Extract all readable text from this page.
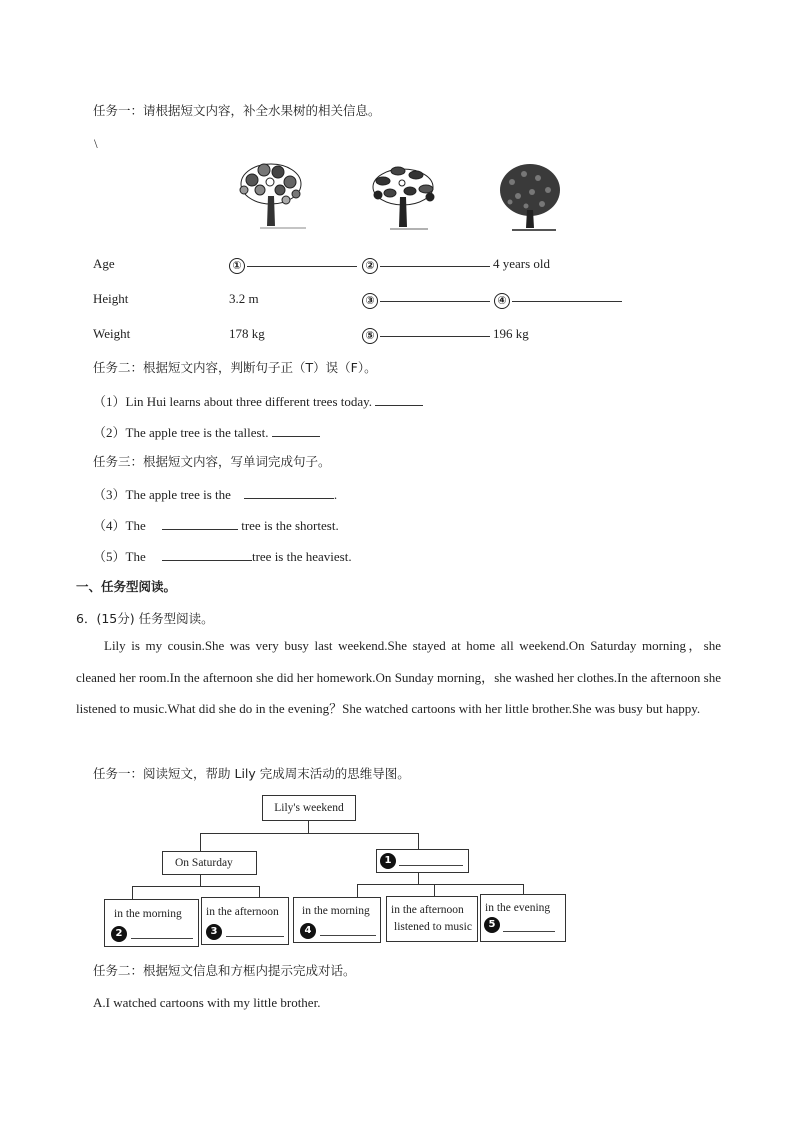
任务一：请根据短文内容，补全水果树的相关信息。
\
Age	①	②	4 years old
Height	3.2 m	③	④
Weight	178 kg	⑤	196 kg
任务二：根据短文内容，判断句子正（T）误（F）。
（1）Lin Hui learns about three different trees today.
（2）The apple tree is the tallest.
任务三：根据短文内容，写单词完成句子。
（3）The apple tree is the	.
（4）The	tree is the shortest.
（5）The	tree is the heaviest.
一、任务型阅读。
6．(15分) 任务型阅读。
Lily is my cousin.She was very busy last weekend.She stayed at home all weekend.On Saturday morning，she cleaned her room.In the afternoon she did her homework.On Sunday morning，she washed her clothes.In the afternoon she listened to music.What did she do in the evening？She watched cartoons with her little brother.She was busy but happy.
任务一：阅读短文，帮助 Lily 完成周末活动的思维导图。
Lily's weekend
On Saturday	1
in the morning
2
in the afternoon
3
in the morning
4
in the afternoon
listened to music
in the evening
5
任务二：根据短文信息和方框内提示完成对话。
A.I watched cartoons with my little brother.
